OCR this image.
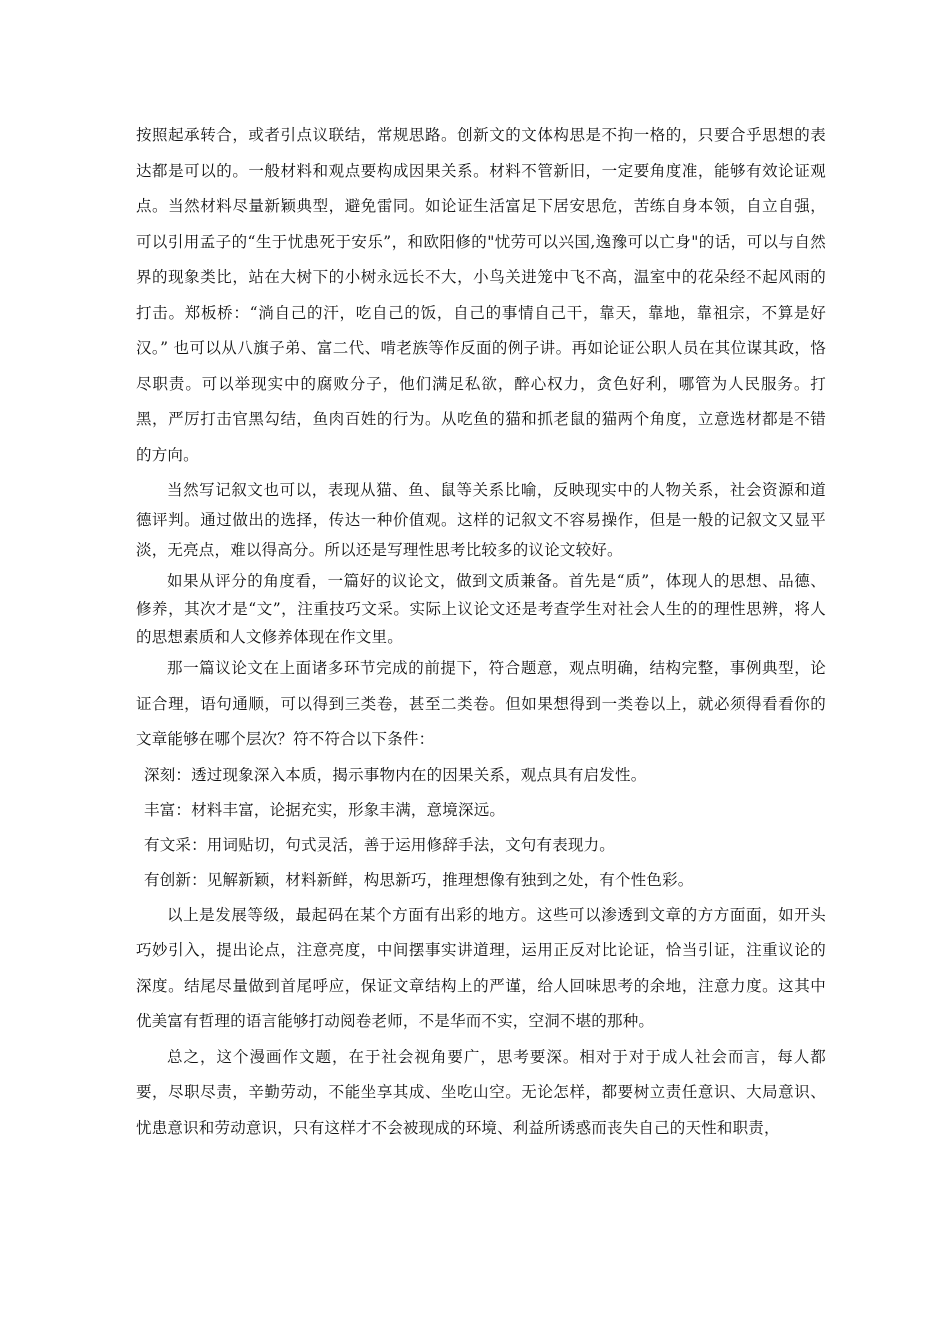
按照起承转合，或者引点议联结，常规思路。创新文的文体构思是不拘一格的，只要合乎思想的表达都是可以的。一般材料和观点要构成因果关系。材料不管新旧，一定要角度准，能够有效论证观点。当然材料尽量新颖典型，避免雷同。如论证生活富足下居安思危，苦练自身本领，自立自强，可以引用孟子的“生于忧患死于安乐”，和欧阳修的"忧劳可以兴国,逸豫可以亡身"的话，可以与自然界的现象类比，站在大树下的小树永远长不大，小鸟关进笼中飞不高，温室中的花朵经不起风雨的打击。郑板桥：“淌自己的汗，吃自己的饭，自己的事情自己干，靠天，靠地，靠祖宗，不算是好汉。” 也可以从八旗子弟、富二代、啃老族等作反面的例子讲。再如论证公职人员在其位谋其政，恪尽职责。可以举现实中的腐败分子，他们满足私欲，醉心权力，贪色好利，哪管为人民服务。打黑，严厉打击官黑勾结，鱼肉百姓的行为。从吃鱼的猫和抓老鼠的猫两个角度，立意选材都是不错的方向。

当然写记叙文也可以，表现从猫、鱼、鼠等关系比喻，反映现实中的人物关系，社会资源和道德评判。通过做出的选择，传达一种价值观。这样的记叙文不容易操作，但是一般的记叙文又显平淡，无亮点，难以得高分。所以还是写理性思考比较多的议论文较好。

如果从评分的角度看，一篇好的议论文，做到文质兼备。首先是“质”，体现人的思想、品德、修养，其次才是“文”，注重技巧文采。实际上议论文还是考查学生对社会人生的的理性思辨，将人的思想素质和人文修养体现在作文里。

那一篇议论文在上面诸多环节完成的前提下，符合题意，观点明确，结构完整，事例典型，论证合理，语句通顺，可以得到三类卷，甚至二类卷。但如果想得到一类卷以上，就必须得看看你的文章能够在哪个层次？符不符合以下条件：

深刻：透过现象深入本质，揭示事物内在的因果关系，观点具有启发性。

丰富：材料丰富，论据充实，形象丰满，意境深远。

有文采：用词贴切，句式灵活，善于运用修辞手法，文句有表现力。

有创新：见解新颖，材料新鲜，构思新巧，推理想像有独到之处，有个性色彩。

以上是发展等级，最起码在某个方面有出彩的地方。这些可以渗透到文章的方方面面，如开头巧妙引入，提出论点，注意亮度，中间摆事实讲道理，运用正反对比论证，恰当引证，注重议论的深度。结尾尽量做到首尾呼应，保证文章结构上的严谨，给人回味思考的余地，注意力度。这其中优美富有哲理的语言能够打动阅卷老师，不是华而不实，空洞不堪的那种。

总之，这个漫画作文题，在于社会视角要广，思考要深。相对于对于成人社会而言，每人都要，尽职尽责，辛勤劳动，不能坐享其成、坐吃山空。无论怎样，都要树立责任意识、大局意识、忧患意识和劳动意识，只有这样才不会被现成的环境、利益所诱惑而丧失自己的天性和职责，
